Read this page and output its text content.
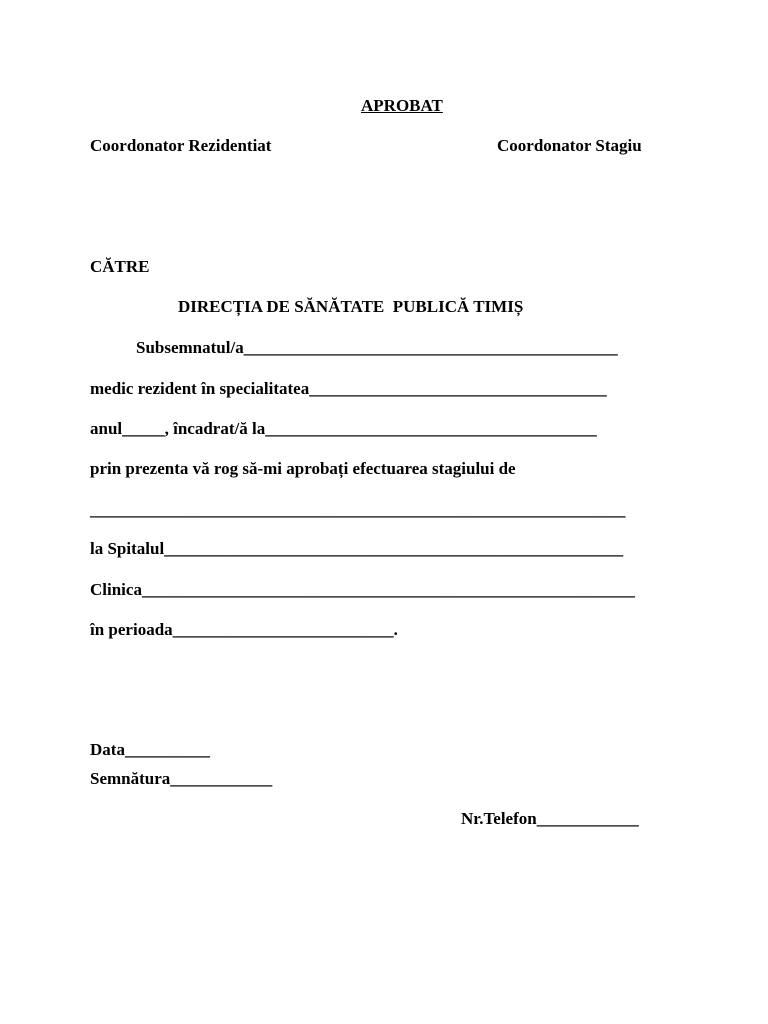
APROBAT
Coordonator Rezidentiat	Coordonator Stagiu
CĂTRE
DIRECȚIA DE SĂNĂTATE  PUBLICĂ TIMIȘ
Subsemnatul/a____________________________________________
medic rezident în specialitatea___________________________________
anul_____, încadrat/ă la_______________________________________
prin prezenta vă rog să-mi aprobați efectuarea stagiului de
_______________________________________________________________
la Spitalul______________________________________________________
Clinica__________________________________________________________
în perioada__________________________.
Data__________
Semnătura____________
Nr.Telefon____________
